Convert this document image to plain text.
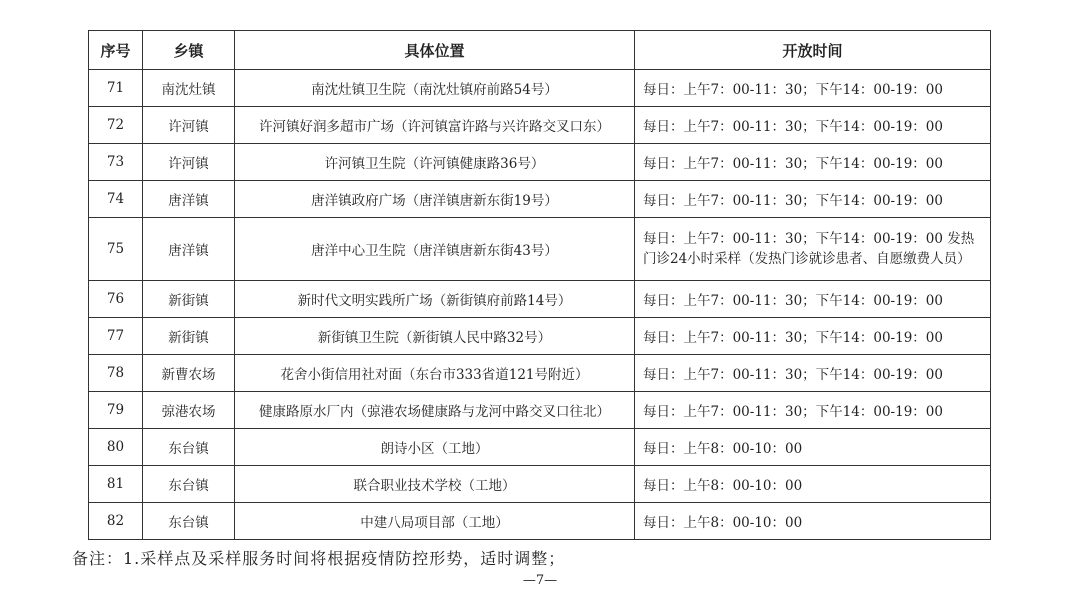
序号	乡镇	具体位置	开放时间
71	南沈灶镇	南沈灶镇卫生院（南沈灶镇府前路54号）	每日：上午7：00-11：30；下午14：00-19：00
72	许河镇	许河镇好润多超市广场（许河镇富许路与兴许路交叉口东）	每日：上午7：00-11：30；下午14：00-19：00
73	许河镇	许河镇卫生院（许河镇健康路36号）	每日：上午7：00-11：30；下午14：00-19：00
74	唐洋镇	唐洋镇政府广场（唐洋镇唐新东街19号）	每日：上午7：00-11：30；下午14：00-19：00
75	唐洋镇	唐洋中心卫生院（唐洋镇唐新东街43号）	每日：上午7：00-11：30；下午14：00-19：00 发热门诊24小时采样（发热门诊就诊患者、自愿缴费人员）
76	新街镇	新时代文明实践所广场（新街镇府前路14号）	每日：上午7：00-11：30；下午14：00-19：00
77	新街镇	新街镇卫生院（新街镇人民中路32号）	每日：上午7：00-11：30；下午14：00-19：00
78	新曹农场	花舍小街信用社对面（东台市333省道121号附近）	每日：上午7：00-11：30；下午14：00-19：00
79	弶港农场	健康路原水厂内（弶港农场健康路与龙河中路交叉口往北）	每日：上午7：00-11：30；下午14：00-19：00
80	东台镇	朗诗小区（工地）	每日：上午8：00-10：00
81	东台镇	联合职业技术学校（工地）	每日：上午8：00-10：00
82	东台镇	中建八局项目部（工地）	每日：上午8：00-10：00
备注：1.采样点及采样服务时间将根据疫情防控形势，适时调整；
—7—
